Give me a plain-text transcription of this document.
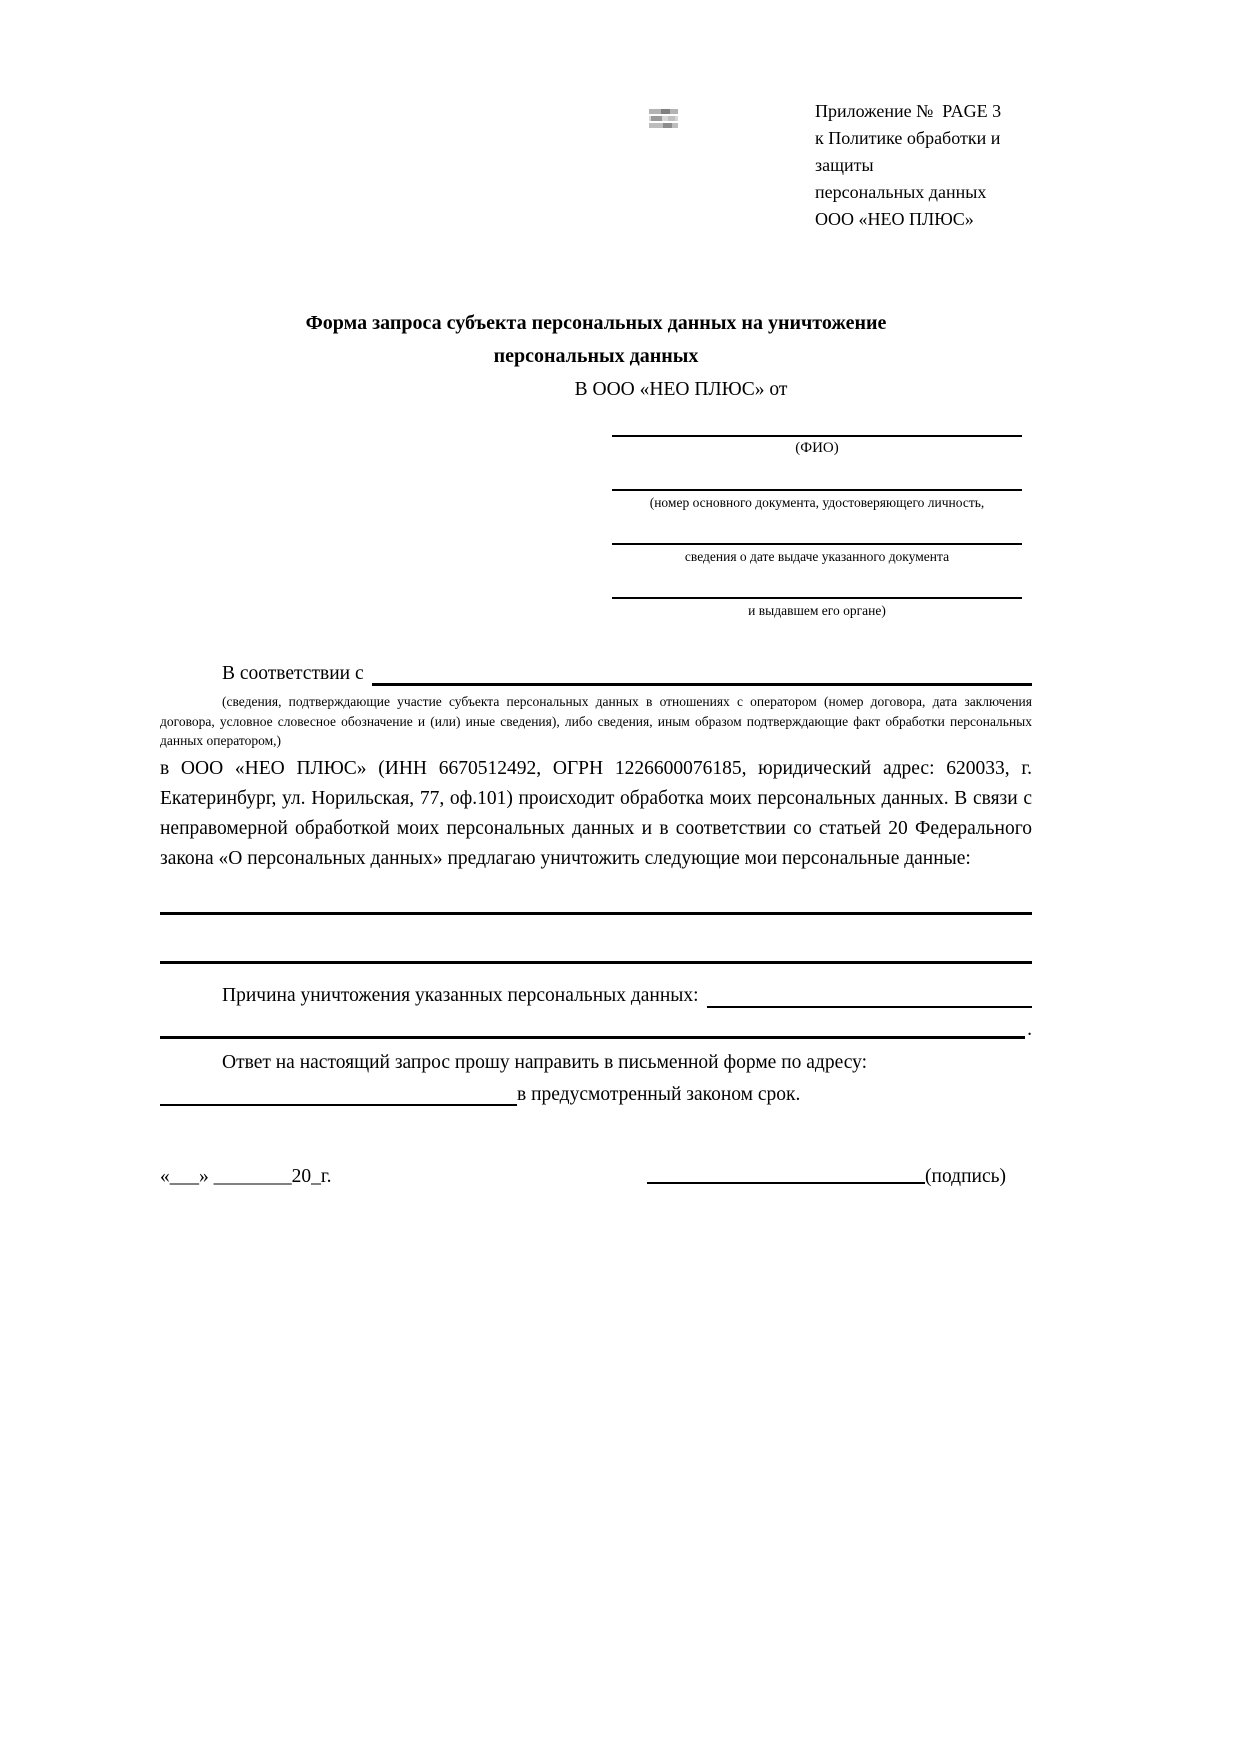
Приложение №  PAGE 3
к Политике обработки и защиты
персональных данных
ООО «НЕО ПЛЮС»
Форма запроса субъекта персональных данных на уничтожение
персональных данных
В ООО «НЕО ПЛЮС» от
(ФИО)
(номер основного документа, удостоверяющего личность,
сведения о дате выдаче указанного документа
и выдавшем его органе)
В соответствии с
(сведения, подтверждающие участие субъекта персональных данных в отношениях с оператором (номер договора, дата заключения договора, условное словесное обозначение и (или) иные сведения), либо сведения, иным образом подтверждающие факт обработки персональных данных оператором,)
в ООО «НЕО ПЛЮС» (ИНН 6670512492, ОГРН 1226600076185, юридический адрес: 620033, г. Екатеринбург, ул. Норильская, 77, оф.101) происходит обработка моих персональных данных. В связи с неправомерной обработкой моих персональных данных и в соответствии со статьей 20 Федерального закона «О персональных данных» предлагаю уничтожить следующие мои персональные данные:
Причина уничтожения указанных персональных данных:
.
Ответ на настоящий запрос прошу направить в письменной форме по адресу:
в предусмотренный законом срок.
«___» ________20_г.	(подпись)
